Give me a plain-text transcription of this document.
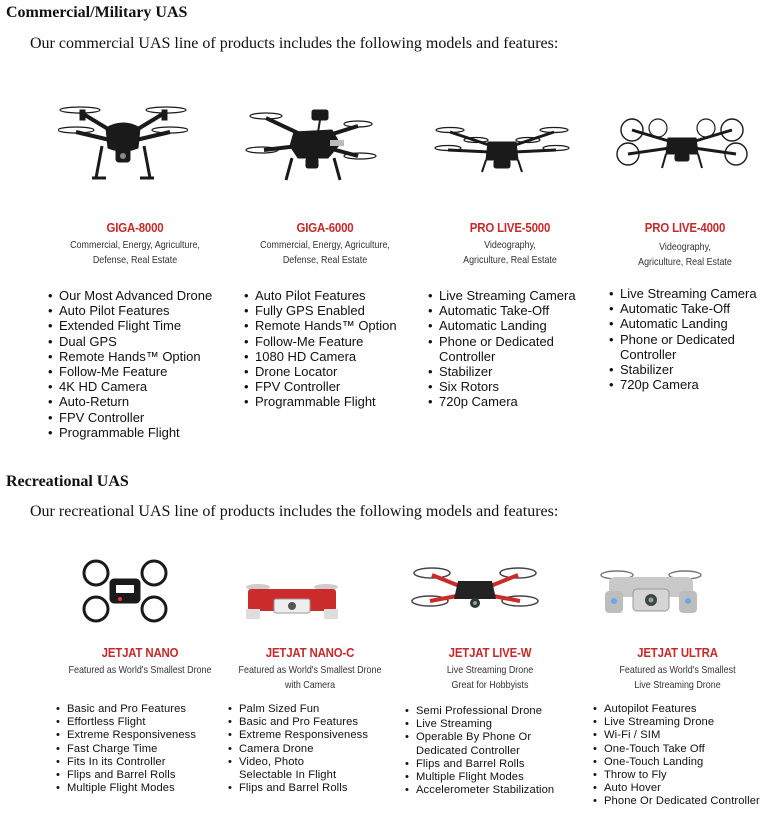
Commercial/Military UAS

Our commercial UAS line of products includes the following models and features:

GIGA-8000
Commercial, Energy, Agriculture,
Defense, Real Estate
• Our Most Advanced Drone
• Auto Pilot Features
• Extended Flight Time
• Dual GPS
• Remote Hands™ Option
• Follow-Me Feature
• 4K HD Camera
• Auto-Return
• FPV Controller
• Programmable Flight
GIGA-6000
Commercial, Energy, Agriculture,
Defense, Real Estate
• Auto Pilot Features
• Fully GPS Enabled
• Remote Hands™ Option
• Follow-Me Feature
• 1080 HD Camera
• Drone Locator
• FPV Controller
• Programmable Flight
PRO LIVE-5000
Videography,
Agriculture, Real Estate
• Live Streaming Camera
• Automatic Take-Off
• Automatic Landing
• Phone or Dedicated
Controller

• Stabilizer
• Six Rotors
• 720p Camera
PRO LIVE-4000
Videography,
Agriculture, Real Estate
• Live Streaming Camera
• Automatic Take-Off
• Automatic Landing
• Phone or Dedicated
Controller

• Stabilizer
• 720p Camera
Recreational UAS

Our recreational UAS line of products includes the following models and features:

JETJAT NANO
Featured as World's Smallest Drone
• Basic and Pro Features
• Effortless Flight
• Extreme Responsiveness
• Fast Charge Time
• Fits In its Controller
• Flips and Barrel Rolls
• Multiple Flight Modes
JETJAT NANO-C
Featured as World's Smallest Drone
with Camera
• Palm Sized Fun
• Basic and Pro Features
• Extreme Responsiveness
• Camera Drone
• Video, Photo
Selectable In Flight

• Flips and Barrel Rolls
JETJAT LIVE-W
Live Streaming Drone
Great for Hobbyists
• Semi Professional Drone
• Live Streaming
• Operable By Phone Or
Dedicated Controller

• Flips and Barrel Rolls
• Multiple Flight Modes
• Accelerometer Stabilization
JETJAT ULTRA
Featured as World's Smallest
Live Streaming Drone
• Autopilot Features
• Live Streaming Drone
• Wi-Fi / SIM
• One-Touch Take Off
• One-Touch Landing
• Throw to Fly
• Auto Hover
• Phone Or Dedicated Controller
